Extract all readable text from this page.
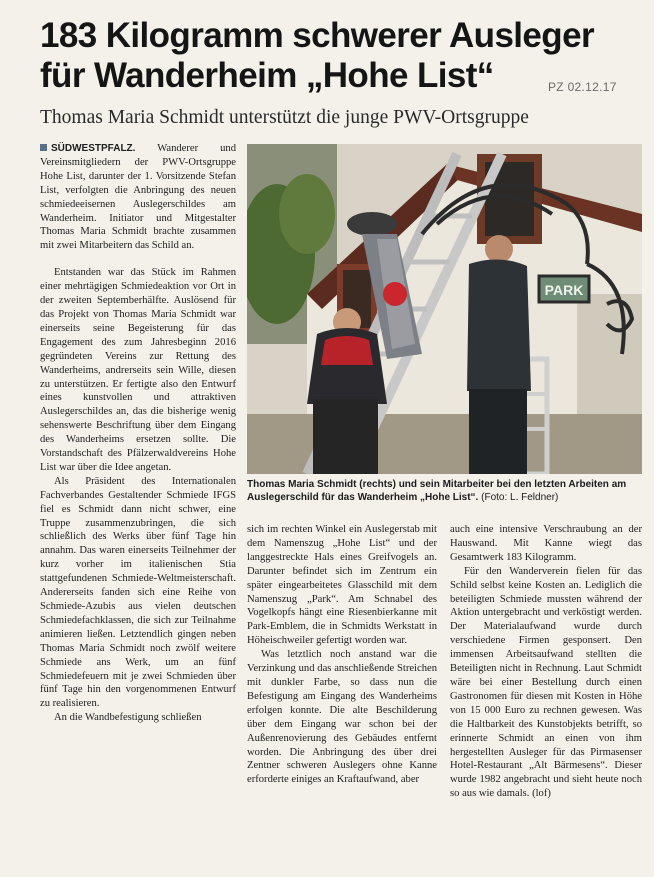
183 Kilogramm schwerer Ausleger
für Wanderheim „Hohe List“	PZ 02.12.17
Thomas Maria Schmidt unterstützt die junge PWV-Ortsgruppe

SÜDWESTPFALZ. Wanderer und Vereinsmitgliedern der PWV-Ortsgruppe Hohe List, darunter der 1. Vorsitzende Stefan List, verfolgten die Anbringung des neuen schmiedeeisernen Auslegerschildes am Wanderheim. Initiator und Mitgestalter Thomas Maria Schmidt brachte zusammen mit zwei Mitarbeitern das Schild an.

Entstanden war das Stück im Rahmen einer mehrtägigen Schmiedeaktion vor Ort in der zweiten Septemberhälfte. Auslösend für das Projekt von Thomas Maria Schmidt war einerseits seine Begeisterung für das Engagement des zum Jahresbeginn 2016 gegründeten Vereins zur Rettung des Wanderheims, andrerseits sein Wille, diesen zu unterstützen. Er fertigte also den Entwurf eines kunstvollen und attraktiven Auslegerschildes an, das die bisherige wenig sehenswerte Beschriftung über dem Eingang des Wanderheims ersetzen sollte. Die Vorstandschaft des Pfälzerwaldvereins Hohe List war über die Idee angetan.

Als Präsident des Internationalen Fachverbandes Gestaltender Schmiede IFGS fiel es Schmidt dann nicht schwer, eine Truppe zusammenzubringen, die sich schließlich des Werks über fünf Tage hin annahm. Das waren einerseits Teilnehmer der kurz vorher im italienischen Stia stattgefundenen Schmiede-Weltmeisterschaft. Andererseits fanden sich eine Reihe von Schmiede-Azubis aus vielen deutschen Schmiedefachklassen, die sich zur Teilnahme animieren ließen. Letztendlich gingen neben Thomas Maria Schmidt noch zwölf weitere Schmiede ans Werk, um an fünf Schmiedefeuern mit je zwei Schmieden über fünf Tage hin den vorgenommenen Entwurf zu realisieren.

An die Wandbefestigung schließen

PARK
Thomas Maria Schmidt (rechts) und sein Mitarbeiter bei den letzten Arbeiten am Auslegerschild für das Wanderheim „Hohe List“. (Foto: L. Feldner)

sich im rechten Winkel ein Auslegerstab mit dem Namenszug „Hohe List“ und der langgestreckte Hals eines Greifvogels an. Darunter befindet sich im Zentrum ein später eingearbeitetes Glasschild mit dem Namenszug „Park“. Am Schnabel des Vogelkopfs hängt eine Riesenbierkanne mit Park-Emblem, die in Schmidts Werkstatt in Höheischweiler gefertigt worden war.

Was letztlich noch anstand war die Verzinkung und das anschließende Streichen mit dunkler Farbe, so dass nun die Befestigung am Eingang des Wanderheims erfolgen konnte. Die alte Beschilderung über dem Eingang war schon bei der Außenrenovierung des Gebäudes entfernt worden. Die Anbringung des über drei Zentner schweren Auslegers ohne Kanne erforderte einiges an Kraftaufwand, aber

auch eine intensive Verschraubung an der Hauswand. Mit Kanne wiegt das Gesamtwerk 183 Kilogramm.

Für den Wanderverein fielen für das Schild selbst keine Kosten an. Lediglich die beteiligten Schmiede mussten während der Aktion untergebracht und verköstigt werden. Der Materialaufwand wurde durch verschiedene Firmen gesponsert. Den immensen Arbeitsaufwand stellten die Beteiligten nicht in Rechnung. Laut Schmidt wäre bei einer Bestellung durch einen Gastronomen für diesen mit Kosten in Höhe von 15 000 Euro zu rechnen gewesen. Was die Haltbarkeit des Kunstobjekts betrifft, so erinnerte Schmidt an einen von ihm hergestellten Ausleger für das Pirmasenser Hotel-Restaurant „Alt Bärmesens“. Dieser wurde 1982 angebracht und sieht heute noch so aus wie damals. (lof)
